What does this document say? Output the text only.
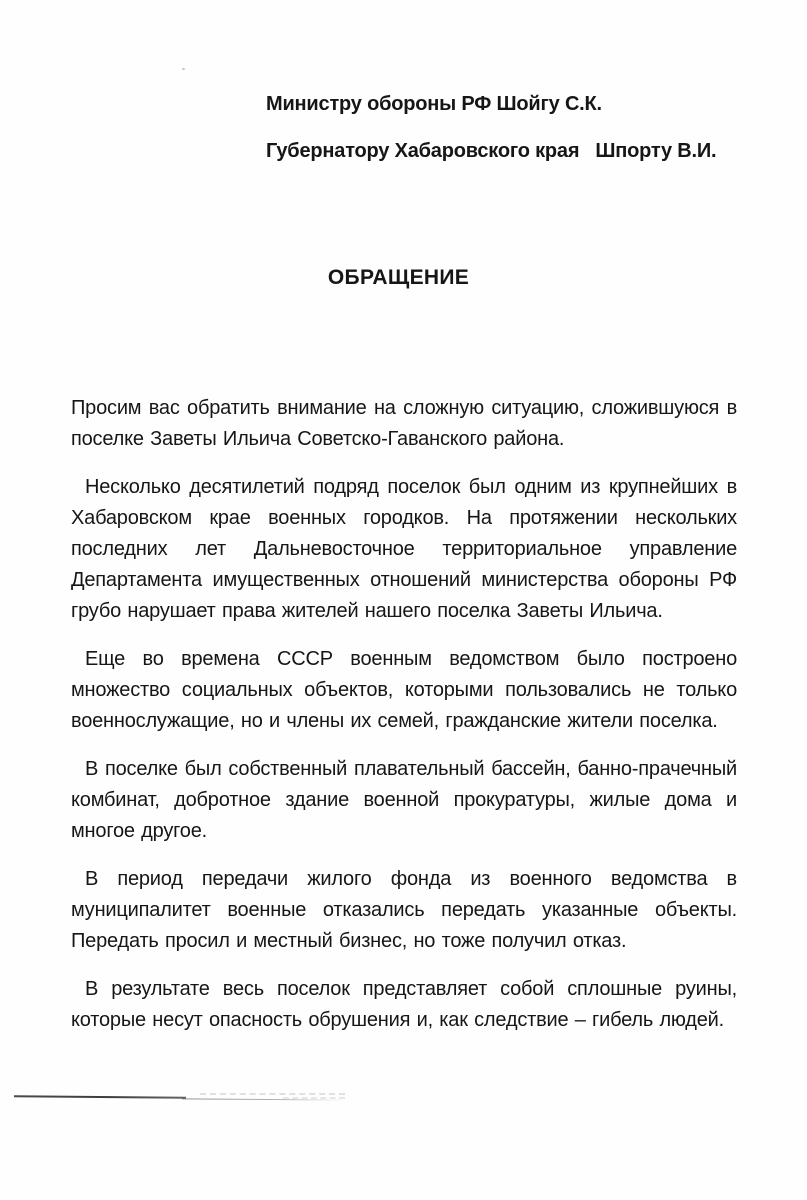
Министру обороны РФ Шойгу С.К.
Губернатору Хабаровского края   Шпорту В.И.
ОБРАЩЕНИЕ

Просим вас обратить внимание на сложную ситуацию, сложившуюся в поселке Заветы Ильича Советско-Гаванского района.

Несколько десятилетий подряд поселок был одним из крупнейших в Хабаровском крае военных городков. На протяжении нескольких последних лет Дальневосточное территориальное управление Департамента имущественных отношений министерства обороны РФ грубо нарушает права жителей нашего поселка Заветы Ильича.

Еще во времена СССР военным ведомством было построено множество социальных объектов, которыми пользовались не только военнослужащие, но и члены их семей, гражданские жители поселка.

В поселке был собственный плавательный бассейн, банно-прачечный комбинат, добротное здание военной прокуратуры, жилые дома и многое другое.

В период передачи жилого фонда из военного ведомства в муниципалитет военные отказались передать указанные объекты. Передать просил и местный бизнес, но тоже получил отказ.

В результате весь поселок представляет собой сплошные руины, которые несут опасность обрушения и, как следствие – гибель людей.
